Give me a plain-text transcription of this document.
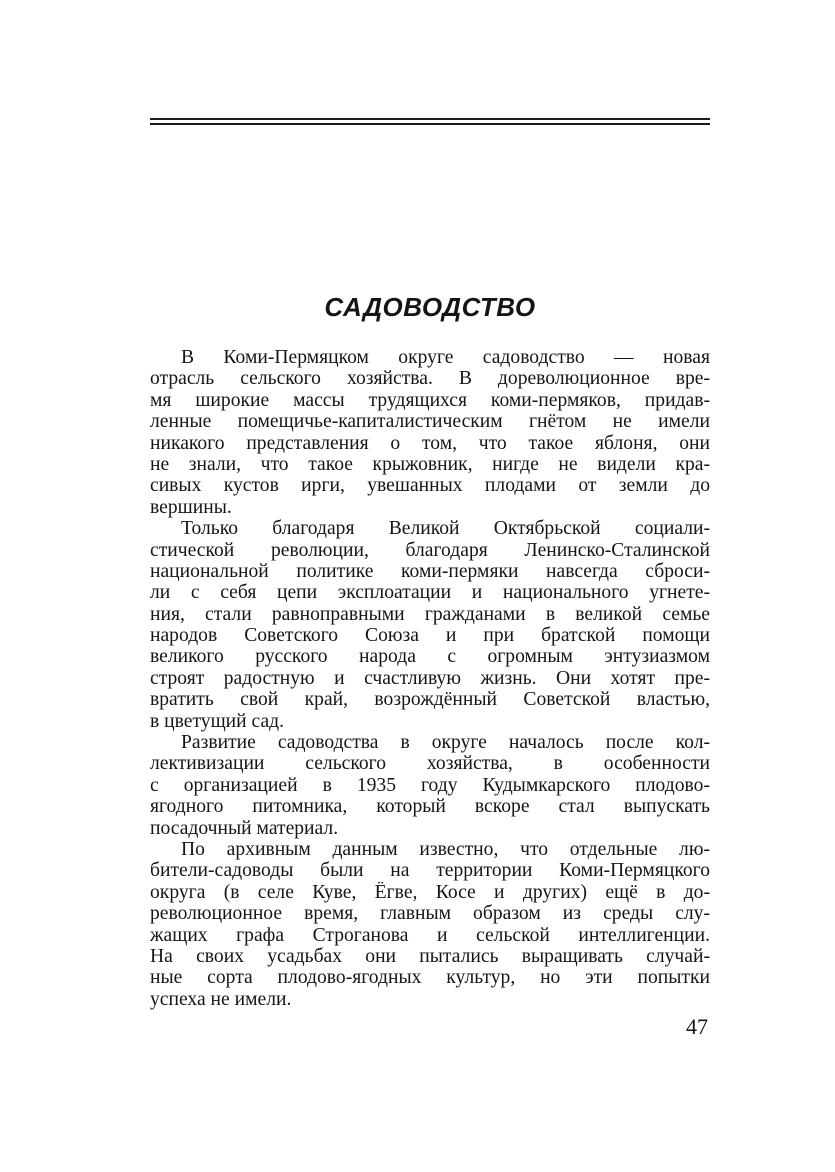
САДОВОДСТВО

В Коми-Пермяцком округе садоводство — новая
отрасль сельского хозяйства. В дореволюционное вре-
мя широкие массы трудящихся коми-пермяков, придав-
ленные помещичье-капиталистическим гнётом не имели
никакого представления о том, что такое яблоня, они
не знали, что такое крыжовник, нигде не видели кра-
сивых кустов ирги, увешанных плодами от земли до
вершины.

Только благодаря Великой Октябрьской социали-
стической революции, благодаря Ленинско-Сталинской
национальной политике коми-пермяки навсегда сброси-
ли с себя цепи эксплоатации и национального угнете-
ния, стали равноправными гражданами в великой семье
народов Советского Союза и при братской помощи
великого русского народа с огромным энтузиазмом
строят радостную и счастливую жизнь. Они хотят пре-
вратить свой край, возрождённый Советской властью,
в цветущий сад.

Развитие садоводства в округе началось после кол-
лективизации сельского хозяйства, в особенности
с организацией в 1935 году Кудымкарского плодово-
ягодного питомника, который вскоре стал выпускать
посадочный материал.

По архивным данным известно, что отдельные лю-
бители-садоводы были на территории Коми-Пермяцкого
округа (в селе Куве, Ёгве, Косе и других) ещё в до-
революционное время, главным образом из среды слу-
жащих графа Строганова и сельской интеллигенции.
На своих усадьбах они пытались выращивать случай-
ные сорта плодово-ягодных культур, но эти попытки
успеха не имели.

47
